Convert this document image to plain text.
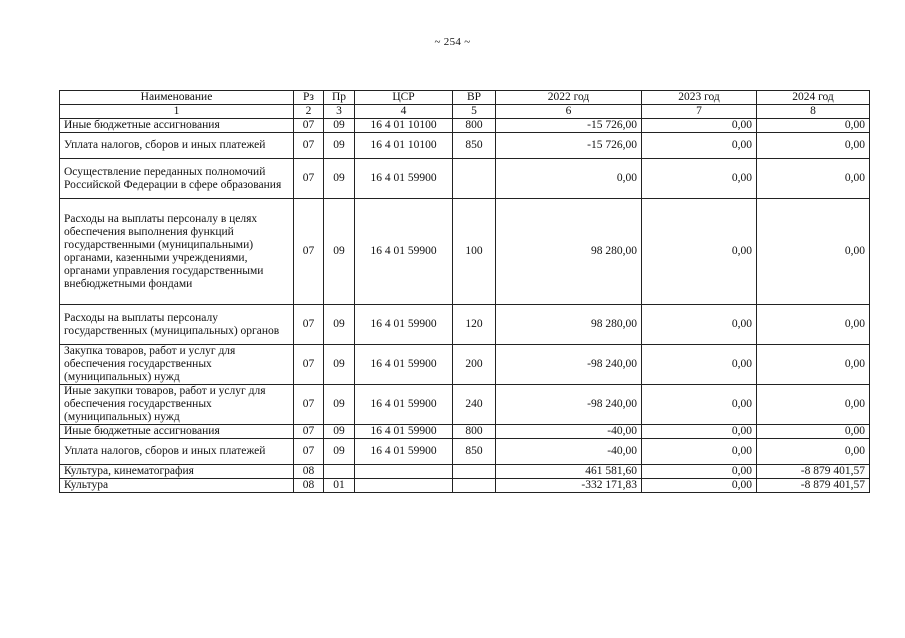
~ 254 ~
Наименование	Рз	Пр	ЦСР	ВР	2022 год	2023 год	2024 год
1	2	3	4	5	6	7	8
Иные бюджетные ассигнования	07	09	16 4 01 10100	800	-15 726,00	0,00	0,00
Уплата налогов, сборов и иных платежей	07	09	16 4 01 10100	850	-15 726,00	0,00	0,00
Осуществление переданных полномочий Российской Федерации в сфере образования	07	09	16 4 01 59900		0,00	0,00	0,00
Расходы на выплаты персоналу в целях обеспечения выполнения функций государственными (муниципальными) органами, казенными учреждениями, органами управления государственными внебюджетными фондами	07	09	16 4 01 59900	100	98 280,00	0,00	0,00
Расходы на выплаты персоналу государственных (муниципальных) органов	07	09	16 4 01 59900	120	98 280,00	0,00	0,00
Закупка товаров, работ и услуг для обеспечения государственных (муниципальных) нужд	07	09	16 4 01 59900	200	-98 240,00	0,00	0,00
Иные закупки товаров, работ и услуг для обеспечения государственных (муниципальных) нужд	07	09	16 4 01 59900	240	-98 240,00	0,00	0,00
Иные бюджетные ассигнования	07	09	16 4 01 59900	800	-40,00	0,00	0,00
Уплата налогов, сборов и иных платежей	07	09	16 4 01 59900	850	-40,00	0,00	0,00
Культура, кинематография	08				461 581,60	0,00	-8 879 401,57
Культура	08	01			-332 171,83	0,00	-8 879 401,57
